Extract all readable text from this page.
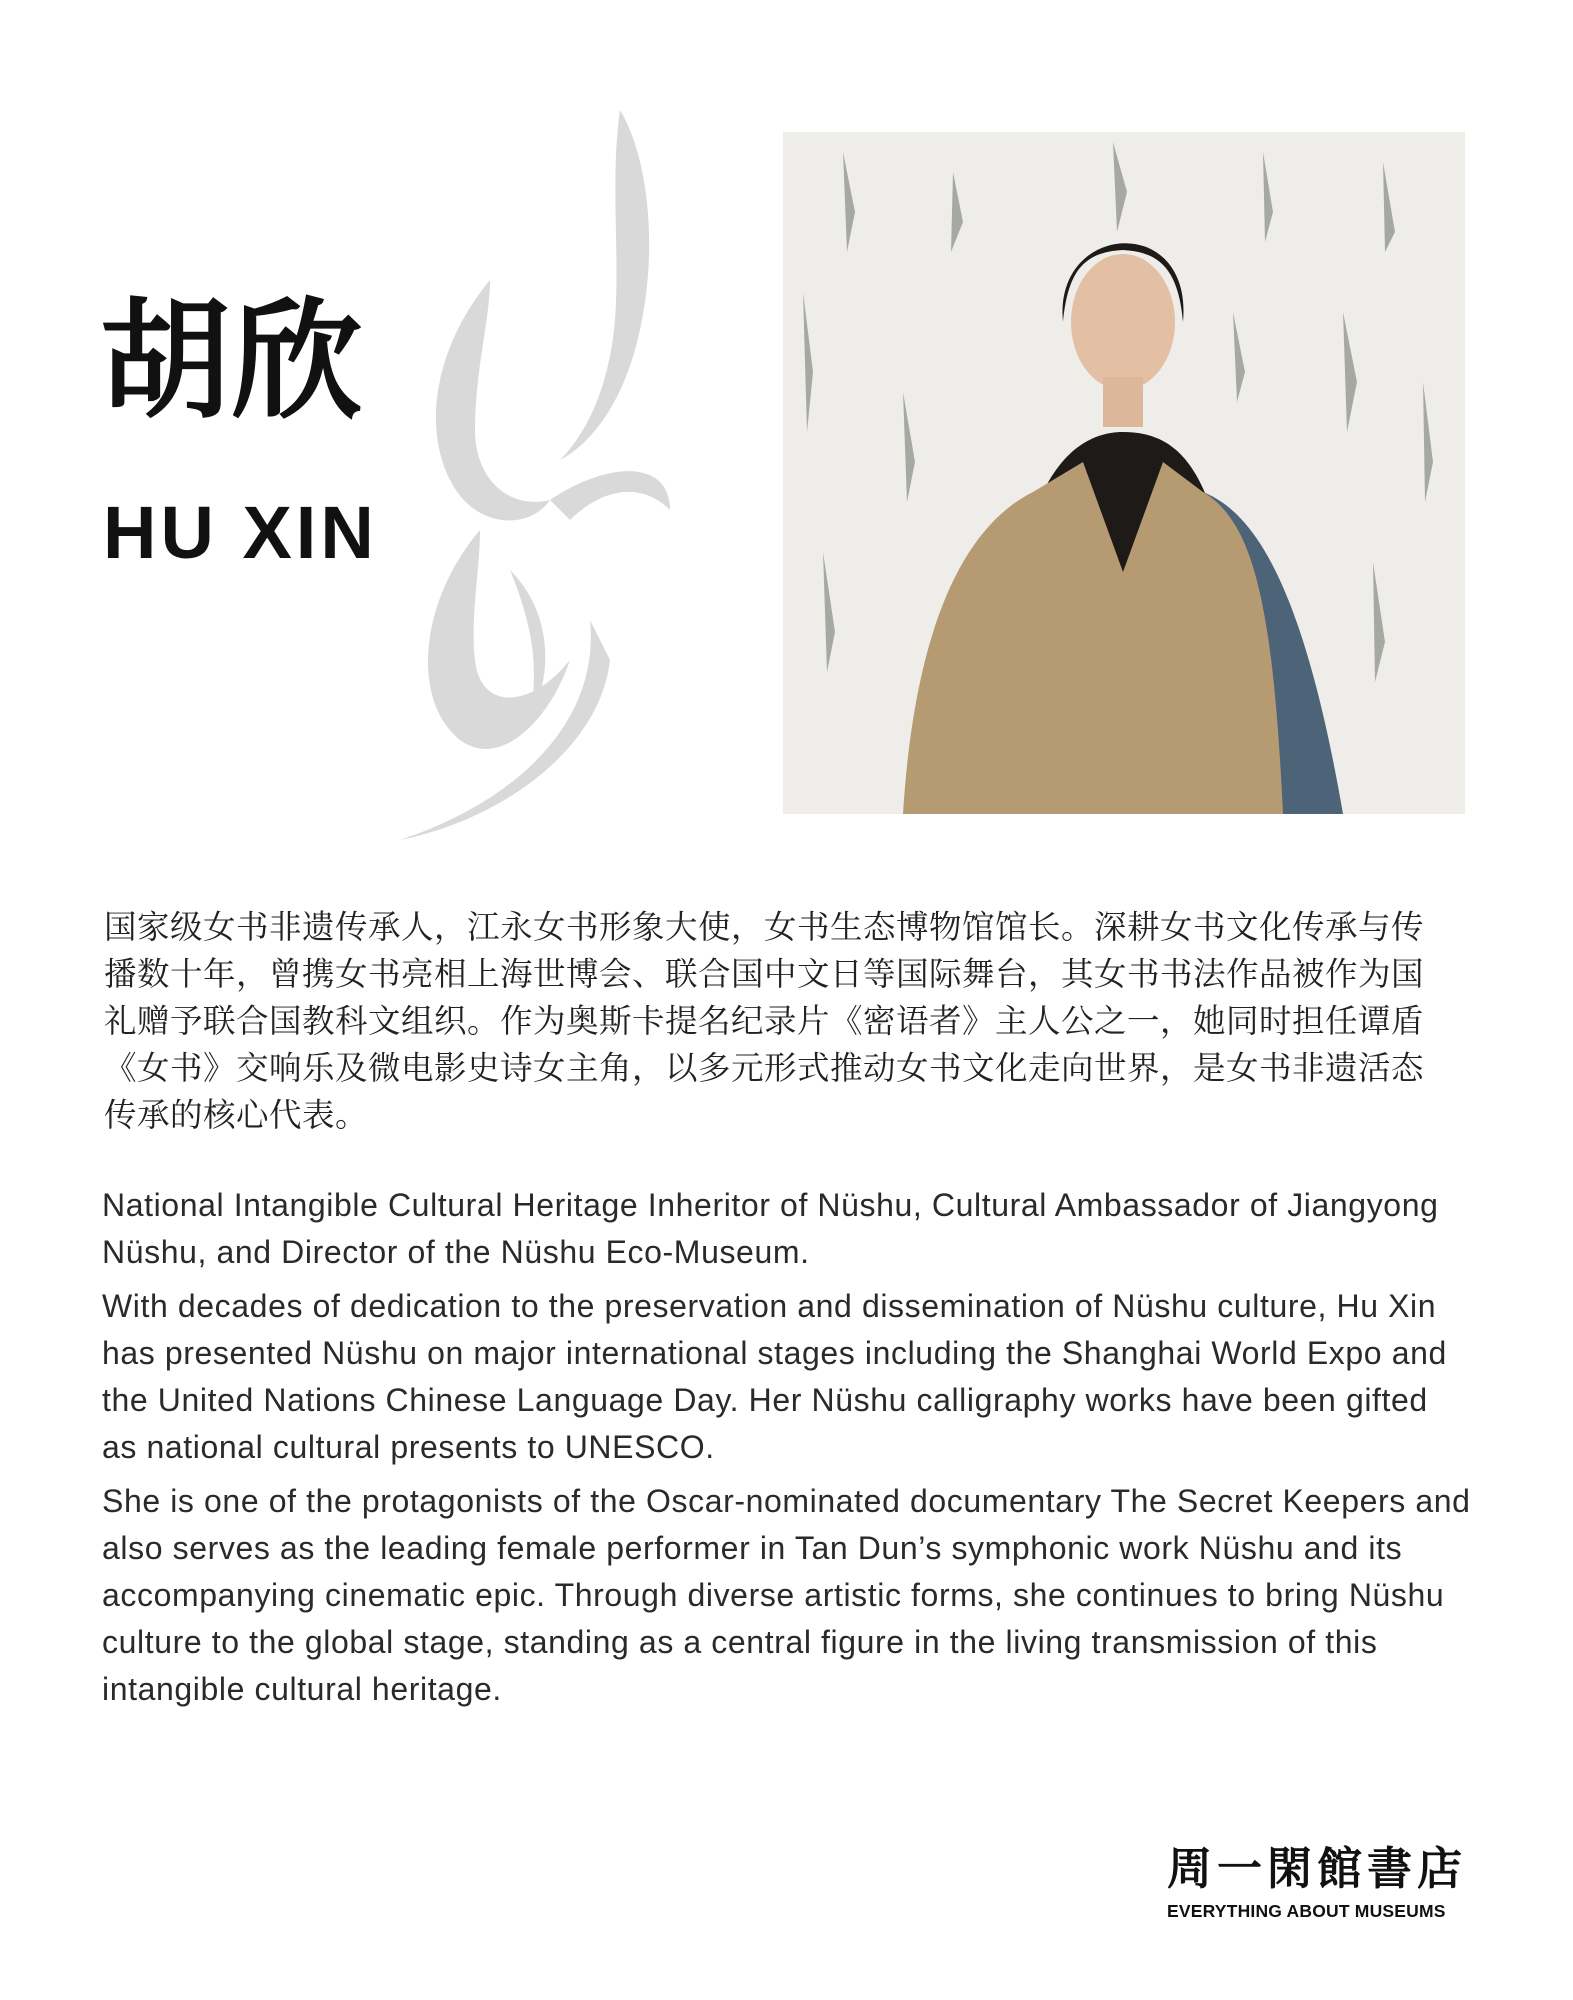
胡欣
HU XIN

国家级女书非遗传承人，江永女书形象大使，女书生态博物馆馆长。深耕女书文化传承与传播数十年，曾携女书亮相上海世博会、联合国中文日等国际舞台，其女书书法作品被作为国礼赠予联合国教科文组织。作为奥斯卡提名纪录片《密语者》主人公之一，她同时担任谭盾《女书》交响乐及微电影史诗女主角，以多元形式推动女书文化走向世界，是女书非遗活态传承的核心代表。

National Intangible Cultural Heritage Inheritor of Nüshu, Cultural Ambassador of Jiangyong Nüshu, and Director of the Nüshu Eco-Museum.

With decades of dedication to the preservation and dissemination of Nüshu culture, Hu Xin has presented Nüshu on major international stages including the Shanghai World Expo and the United Nations Chinese Language Day. Her Nüshu calligraphy works have been gifted as national cultural presents to UNESCO.

She is one of the protagonists of the Oscar-nominated documentary The Secret Keepers and also serves as the leading female performer in Tan Dun’s symphonic work Nüshu and its accompanying cinematic epic. Through diverse artistic forms, she continues to bring Nüshu culture to the global stage, standing as a central figure in the living transmission of this intangible cultural heritage.

周一閑館書店
EVERYTHING ABOUT MUSEUMS
